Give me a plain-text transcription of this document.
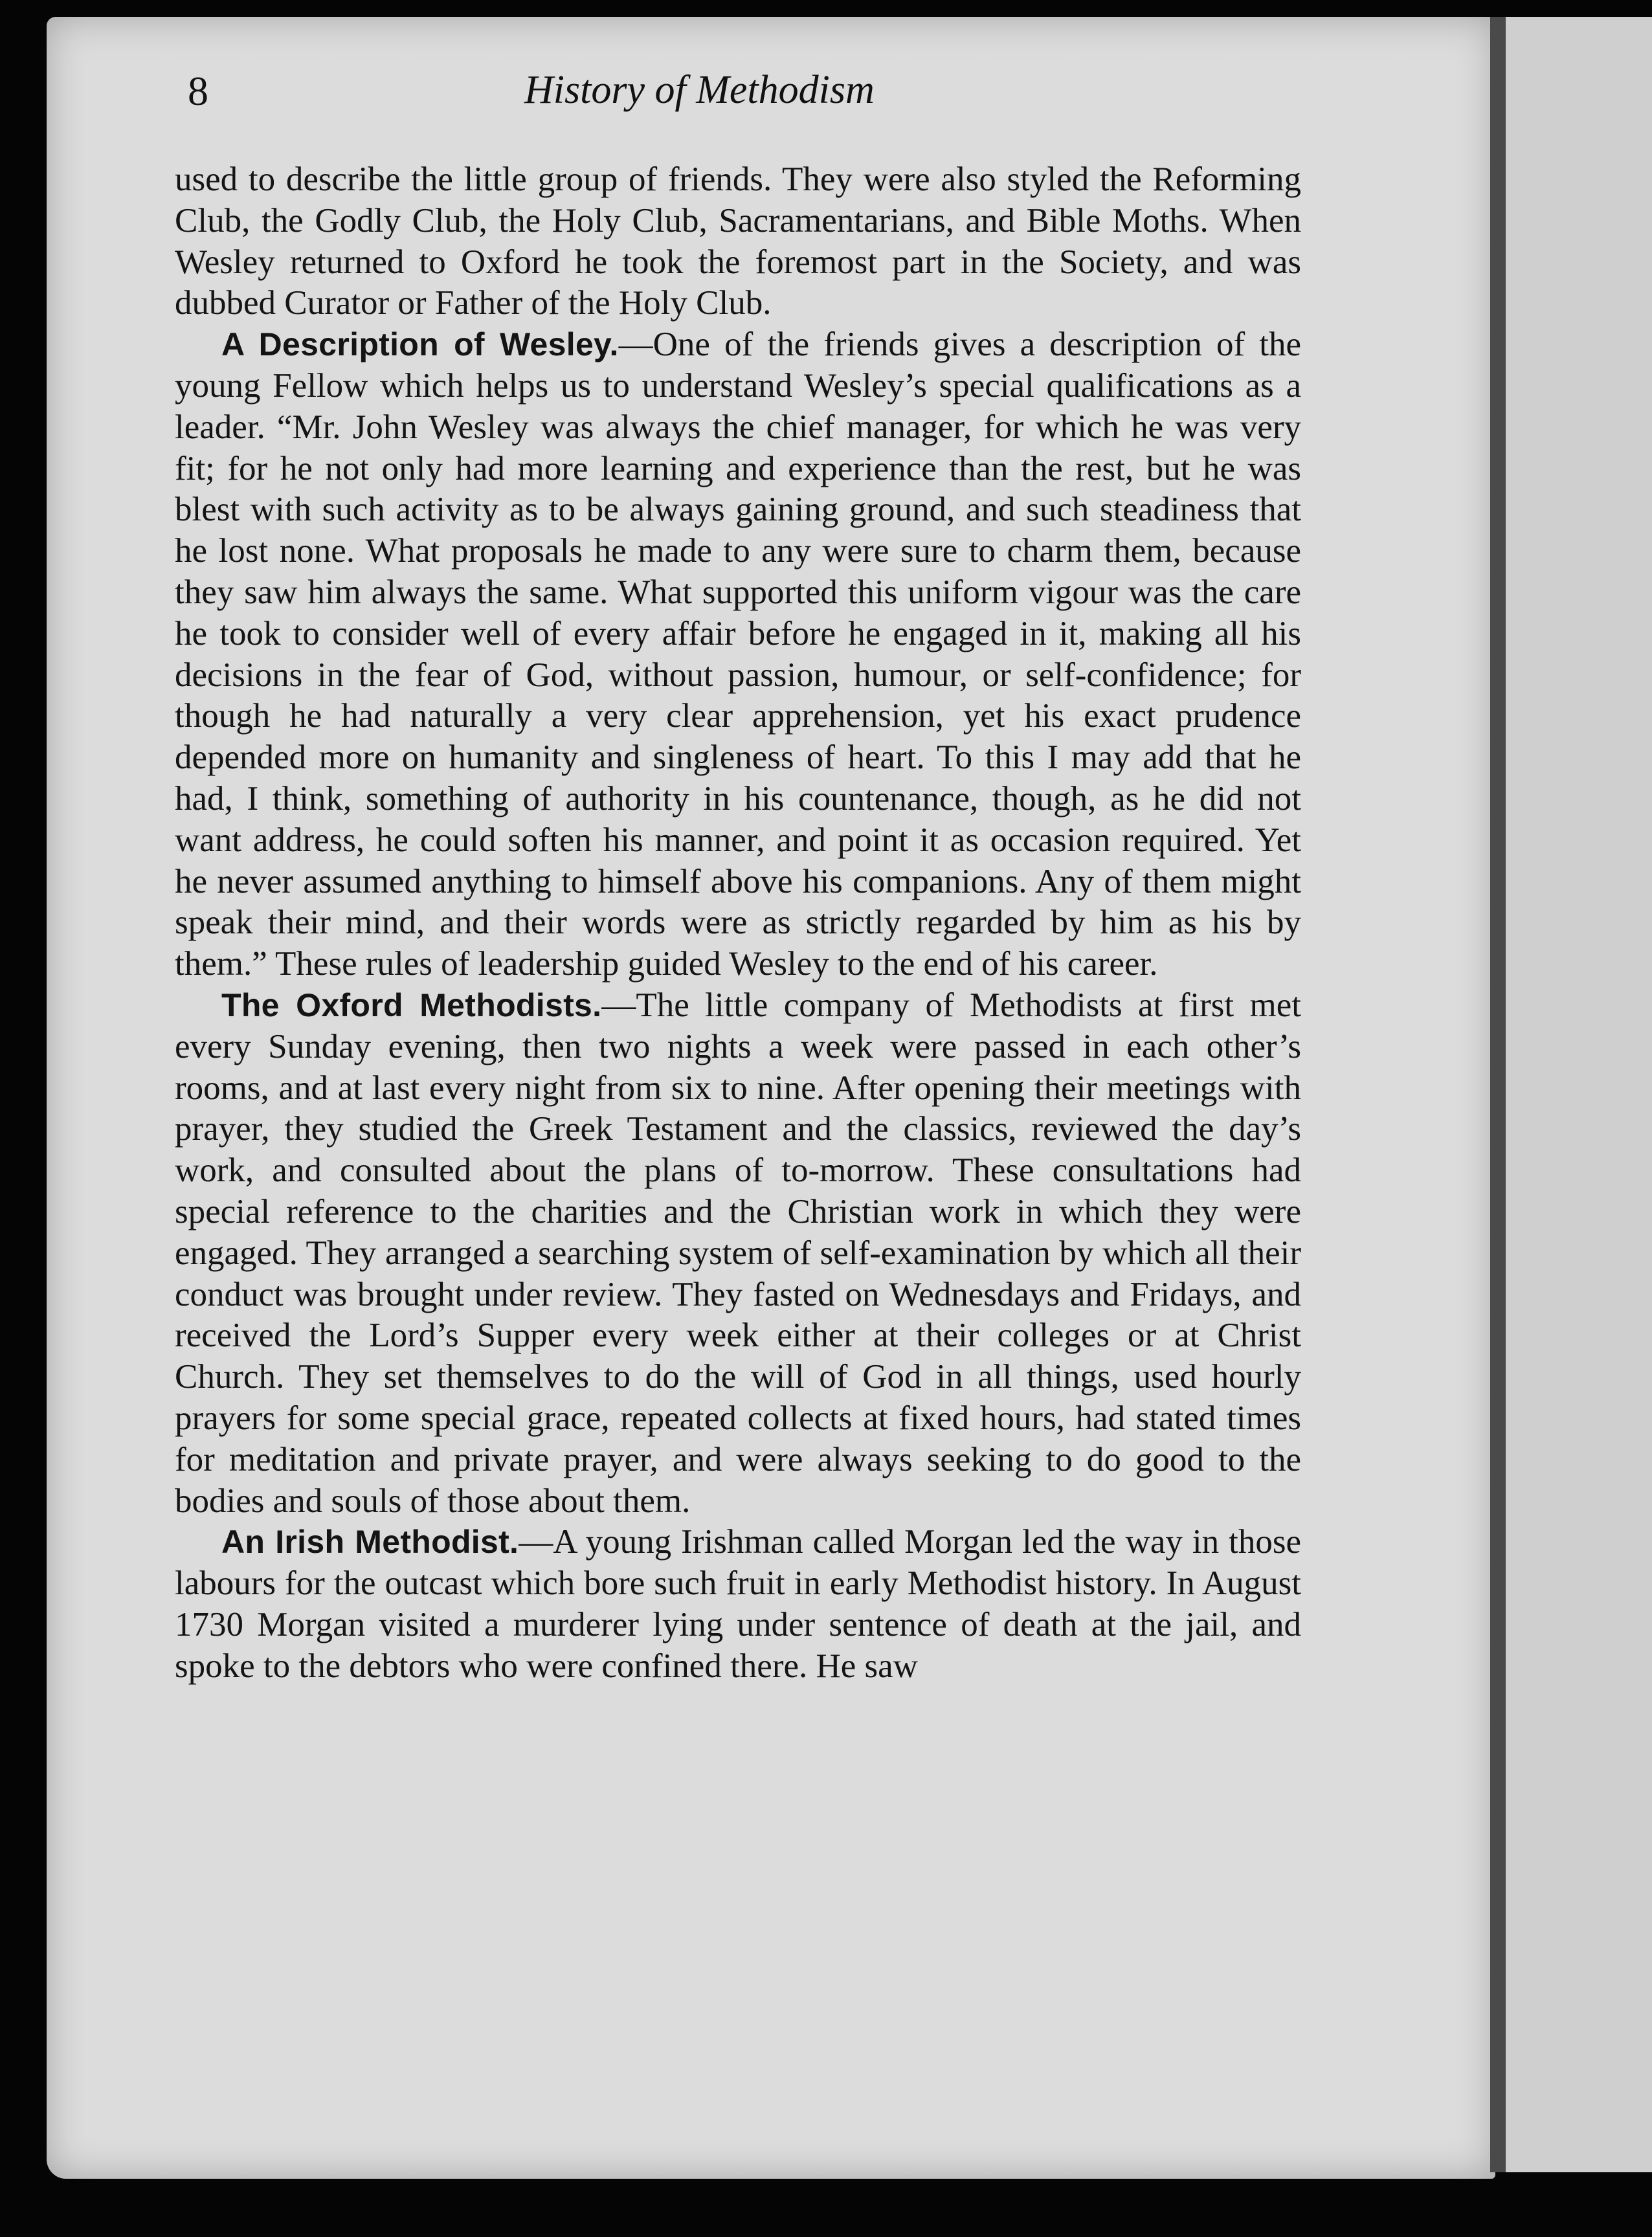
8	History of Methodism

used to describe the little group of friends. They were also styled the Reforming Club, the Godly Club, the Holy Club, Sacramentarians, and Bible Moths. When Wesley returned to Oxford he took the foremost part in the Society, and was dubbed Curator or Father of the Holy Club.

A Description of Wesley.—One of the friends gives a description of the young Fellow which helps us to understand Wesley’s special qualifications as a leader. “Mr. John Wesley was always the chief manager, for which he was very fit; for he not only had more learning and experience than the rest, but he was blest with such activity as to be always gaining ground, and such steadiness that he lost none. What proposals he made to any were sure to charm them, because they saw him always the same. What supported this uniform vigour was the care he took to consider well of every affair before he engaged in it, making all his decisions in the fear of God, without passion, humour, or self-confidence; for though he had naturally a very clear apprehension, yet his exact prudence depended more on humanity and singleness of heart. To this I may add that he had, I think, something of authority in his countenance, though, as he did not want address, he could soften his manner, and point it as occasion required. Yet he never assumed anything to himself above his companions. Any of them might speak their mind, and their words were as strictly regarded by him as his by them.” These rules of leadership guided Wesley to the end of his career.

The Oxford Methodists.—The little company of Methodists at first met every Sunday evening, then two nights a week were passed in each other’s rooms, and at last every night from six to nine. After opening their meetings with prayer, they studied the Greek Testament and the classics, reviewed the day’s work, and consulted about the plans of to-morrow. These consultations had special reference to the charities and the Christian work in which they were engaged. They arranged a searching system of self-examination by which all their conduct was brought under review. They fasted on Wednesdays and Fridays, and received the Lord’s Supper every week either at their colleges or at Christ Church. They set themselves to do the will of God in all things, used hourly prayers for some special grace, repeated collects at fixed hours, had stated times for meditation and private prayer, and were always seeking to do good to the bodies and souls of those about them.

An Irish Methodist.—A young Irishman called Morgan led the way in those labours for the outcast which bore such fruit in early Methodist history. In August 1730 Morgan visited a murderer lying under sentence of death at the jail, and spoke to the debtors who were confined there. He saw
